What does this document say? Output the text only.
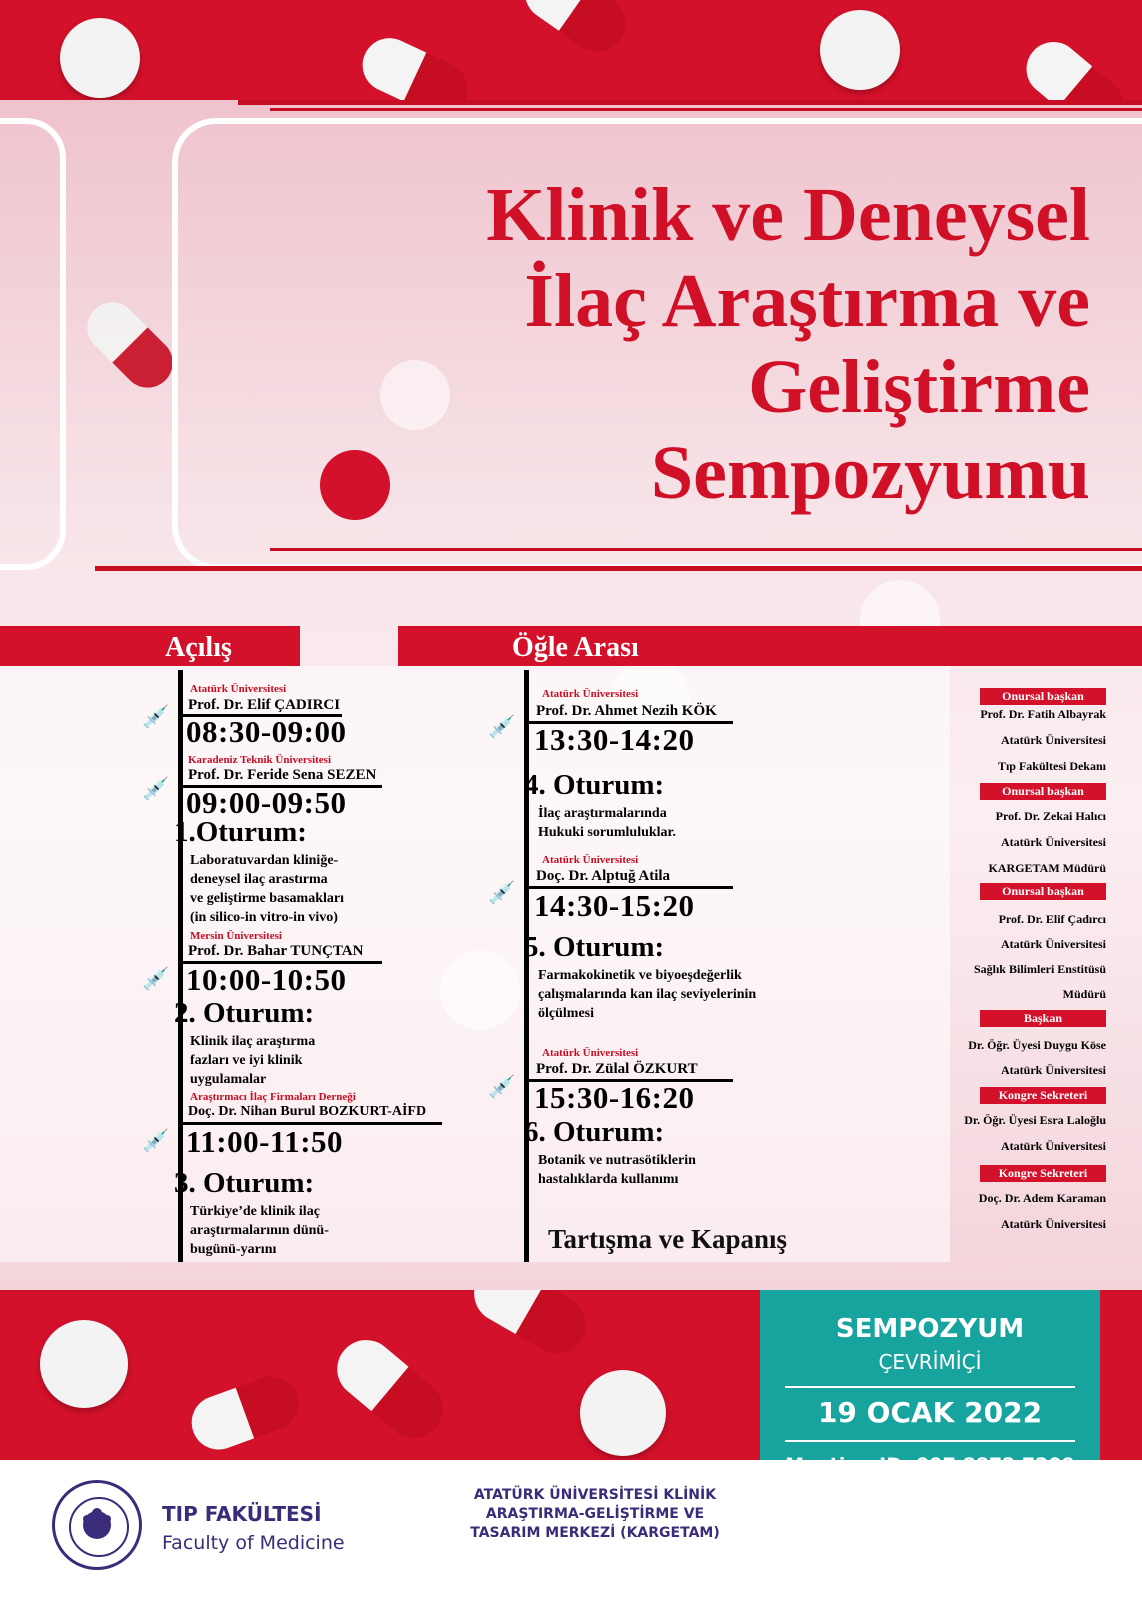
Klinik ve Deneysel
İlaç Araştırma ve
Geliştirme
Sempozyumu
Açılış	Öğle Arası
💉
Atatürk Üniversitesi
Prof. Dr. Elif ÇADIRCI
08:30-09:00
💉
Karadeniz Teknik Üniversitesi
Prof. Dr. Feride Sena SEZEN
09:00-09:50
1.Oturum:
Laboratuvardan kliniğe-
deneysel ilaç arastırma
ve geliştirme basamakları
(in silico-in vitro-in vivo)
💉
Mersin Üniversitesi
Prof. Dr. Bahar TUNÇTAN
10:00-10:50
2. Oturum:
Klinik ilaç araştırma
fazları ve iyi klinik
uygulamalar
💉
Araştırmacı İlaç Firmaları Derneği
Doç. Dr. Nihan Burul BOZKURT-AİFD
11:00-11:50
3. Oturum:
Türkiye’de klinik ilaç
araştırmalarının dünü-
bugünü-yarını
💉
Atatürk Üniversitesi
Prof. Dr. Ahmet Nezih KÖK
13:30-14:20
4. Oturum:
İlaç araştırmalarında
Hukuki sorumluluklar.
💉
Atatürk Üniversitesi
Doç. Dr. Alptuğ Atila
14:30-15:20
5. Oturum:
Farmakokinetik ve biyoeşdeğerlik
çalışmalarında kan ilaç seviyelerinin
ölçülmesi
💉
Atatürk Üniversitesi
Prof. Dr. Zülal ÖZKURT
15:30-16:20
6. Oturum:
Botanik ve nutrasötiklerin
hastalıklarda kullanımı
Tartışma ve Kapanış
Onursal başkan
Prof. Dr. Fatih Albayrak
Atatürk Üniversitesi
Tıp Fakültesi Dekanı
Onursal başkan
Prof. Dr. Zekai Halıcı
Atatürk Üniversitesi
KARGETAM Müdürü
Onursal başkan
Prof. Dr. Elif Çadırcı
Atatürk Üniversitesi
Sağlık Bilimleri Enstitüsü
Müdürü
Başkan
Dr. Öğr. Üyesi Duygu Köse
Atatürk Üniversitesi
Kongre Sekreteri
Dr. Öğr. Üyesi Esra Laloğlu
Atatürk Üniversitesi
Kongre Sekreteri
Doç. Dr. Adem Karaman
Atatürk Üniversitesi
SEMPOZYUM
ÇEVRİMİÇİ
19 OCAK 2022
TIP FAKÜLTESİ
Faculty of Medicine
ATATÜRK ÜNİVERSİTESİ KLİNİK
ARAŞTIRMA-GELİŞTİRME VE
TASARIM MERKEZİ (KARGETAM)
